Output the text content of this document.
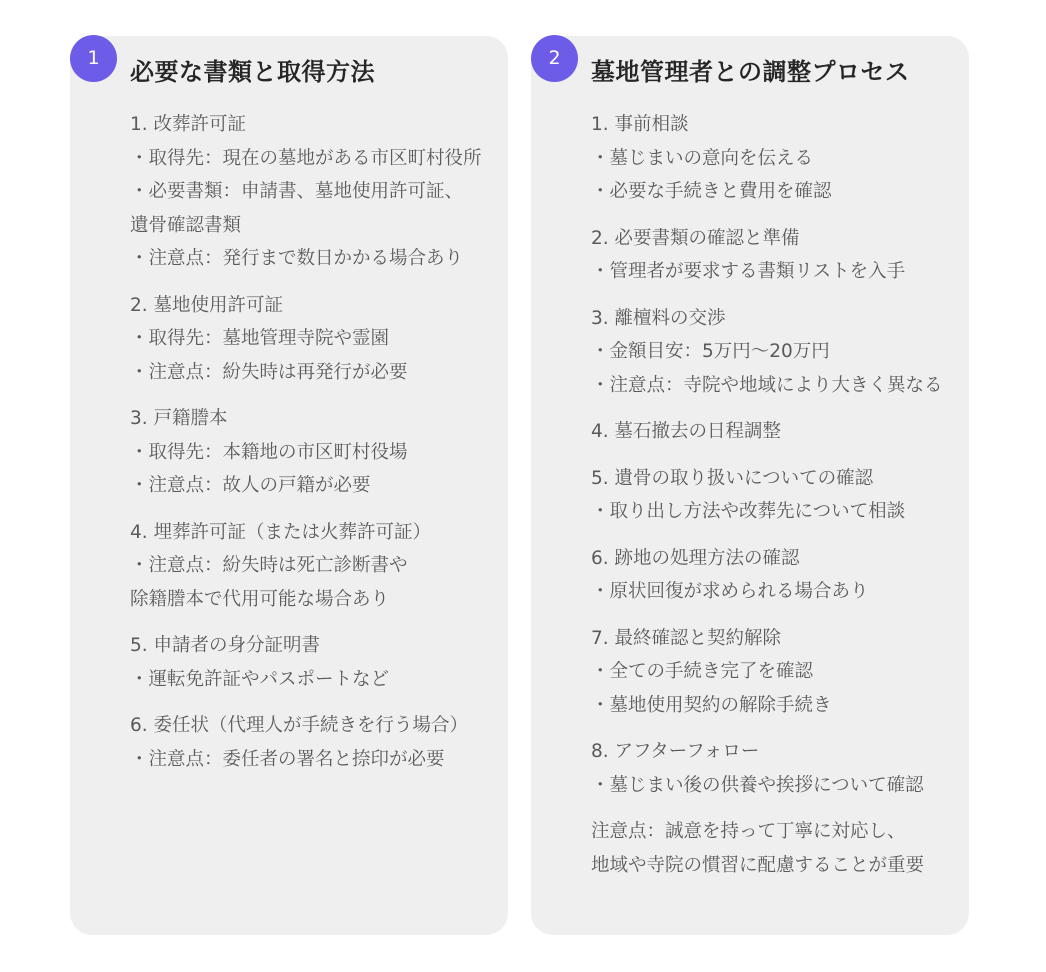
1	必要な書類と取得方法
1. 改葬許可証
・取得先：現在の墓地がある市区町村役所
・必要書類：申請書、墓地使用許可証、
遺骨確認書類
・注意点：発行まで数日かかる場合あり
2. 墓地使用許可証
・取得先：墓地管理寺院や霊園
・注意点：紛失時は再発行が必要
3. 戸籍謄本
・取得先：本籍地の市区町村役場
・注意点：故人の戸籍が必要
4. 埋葬許可証（または火葬許可証）
・注意点：紛失時は死亡診断書や
除籍謄本で代用可能な場合あり
5. 申請者の身分証明書
・運転免許証やパスポートなど
6. 委任状（代理人が手続きを行う場合）
・注意点：委任者の署名と捺印が必要
2	墓地管理者との調整プロセス
1. 事前相談
・墓じまいの意向を伝える
・必要な手続きと費用を確認
2. 必要書類の確認と準備
・管理者が要求する書類リストを入手
3. 離檀料の交渉
・金額目安：5万円～20万円
・注意点：寺院や地域により大きく異なる
4. 墓石撤去の日程調整
5. 遺骨の取り扱いについての確認
・取り出し方法や改葬先について相談
6. 跡地の処理方法の確認
・原状回復が求められる場合あり
7. 最終確認と契約解除
・全ての手続き完了を確認
・墓地使用契約の解除手続き
8. アフターフォロー
・墓じまい後の供養や挨拶について確認
注意点：誠意を持って丁寧に対応し、
地域や寺院の慣習に配慮することが重要
